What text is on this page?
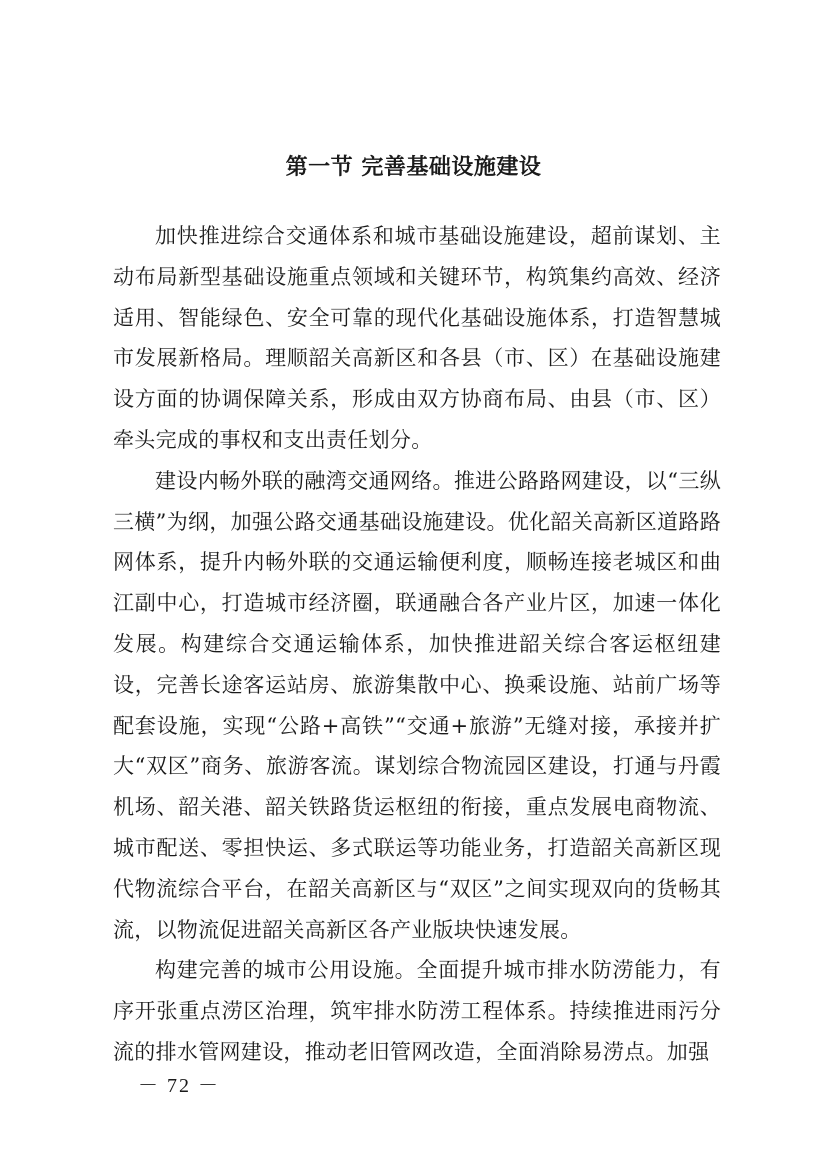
第一节 完善基础设施建设

加快推进综合交通体系和城市基础设施建设，超前谋划、主动布局新型基础设施重点领域和关键环节，构筑集约高效、经济适用、智能绿色、安全可靠的现代化基础设施体系，打造智慧城市发展新格局。理顺韶关高新区和各县（市、区）在基础设施建设方面的协调保障关系，形成由双方协商布局、由县（市、区）牵头完成的事权和支出责任划分。

建设内畅外联的融湾交通网络。推进公路路网建设，以“三纵三横”为纲，加强公路交通基础设施建设。优化韶关高新区道路路网体系，提升内畅外联的交通运输便利度，顺畅连接老城区和曲江副中心，打造城市经济圈，联通融合各产业片区，加速一体化发展。构建综合交通运输体系，加快推进韶关综合客运枢纽建设，完善长途客运站房、旅游集散中心、换乘设施、站前广场等配套设施，实现“公路+高铁”“交通+旅游”无缝对接，承接并扩大“双区”商务、旅游客流。谋划综合物流园区建设，打通与丹霞机场、韶关港、韶关铁路货运枢纽的衔接，重点发展电商物流、城市配送、零担快运、多式联运等功能业务，打造韶关高新区现代物流综合平台，在韶关高新区与“双区”之间实现双向的货畅其流，以物流促进韶关高新区各产业版块快速发展。

构建完善的城市公用设施。全面提升城市排水防涝能力，有序开张重点涝区治理，筑牢排水防涝工程体系。持续推进雨污分流的排水管网建设，推动老旧管网改造，全面消除易涝点。加强

－ 72 －
